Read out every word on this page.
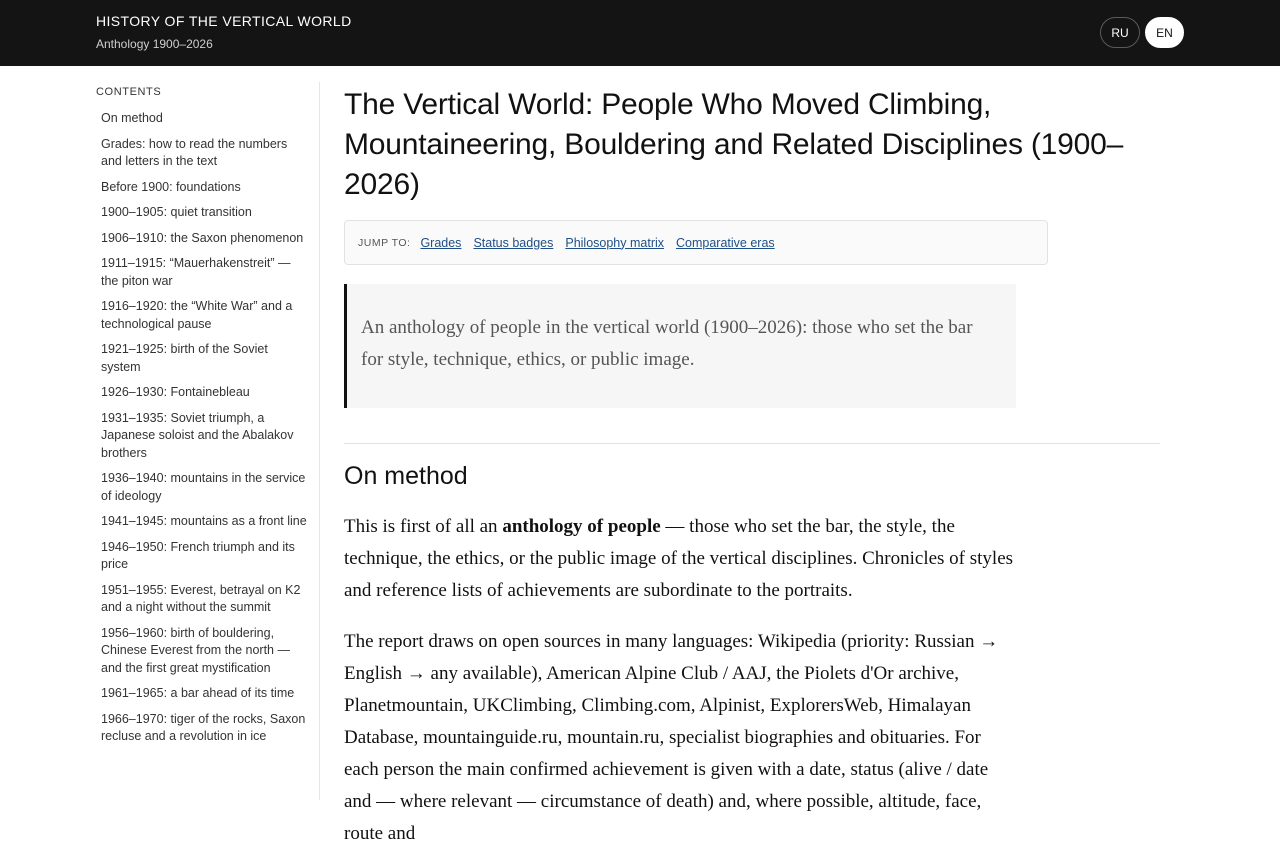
HISTORY OF THE VERTICAL WORLD
Anthology 1900–2026
RU	EN
CONTENTS
On method
Grades: how to read the numbers and letters in the text
Before 1900: foundations
1900–1905: quiet transition
1906–1910: the Saxon phenomenon
1911–1915: “Mauerhakenstreit” — the piton war
1916–1920: the “White War” and a technological pause
1921–1925: birth of the Soviet system
1926–1930: Fontainebleau
1931–1935: Soviet triumph, a Japanese soloist and the Abalakov brothers
1936–1940: mountains in the service of ideology
1941–1945: mountains as a front line
1946–1950: French triumph and its price
1951–1955: Everest, betrayal on K2 and a night without the summit
1956–1960: birth of bouldering, Chinese Everest from the north — and the first great mystification
1961–1965: a bar ahead of its time
1966–1970: tiger of the rocks, Saxon recluse and a revolution in ice
The Vertical World: People Who Moved Climbing, Mountaineering, Bouldering and Related Disciplines (1900–2026)
JUMP TO: Grades Status badges Philosophy matrix Comparative eras

An anthology of people in the vertical world (1900–2026): those who set the bar for style, technique, ethics, or public image.

On method

This is first of all an anthology of people — those who set the bar, the style, the technique, the ethics, or the public image of the vertical disciplines. Chronicles of styles and reference lists of achievements are subordinate to the portraits.

The report draws on open sources in many languages: Wikipedia (priority: Russian → English → any available), American Alpine Club / AAJ, the Piolets d'Or archive, Planetmountain, UKClimbing, Climbing.com, Alpinist, ExplorersWeb, Himalayan Database, mountainguide.ru, mountain.ru, specialist biographies and obituaries. For each person the main confirmed achievement is given with a date, status (alive / date and — where relevant — circumstance of death) and, where possible, altitude, face, route and
